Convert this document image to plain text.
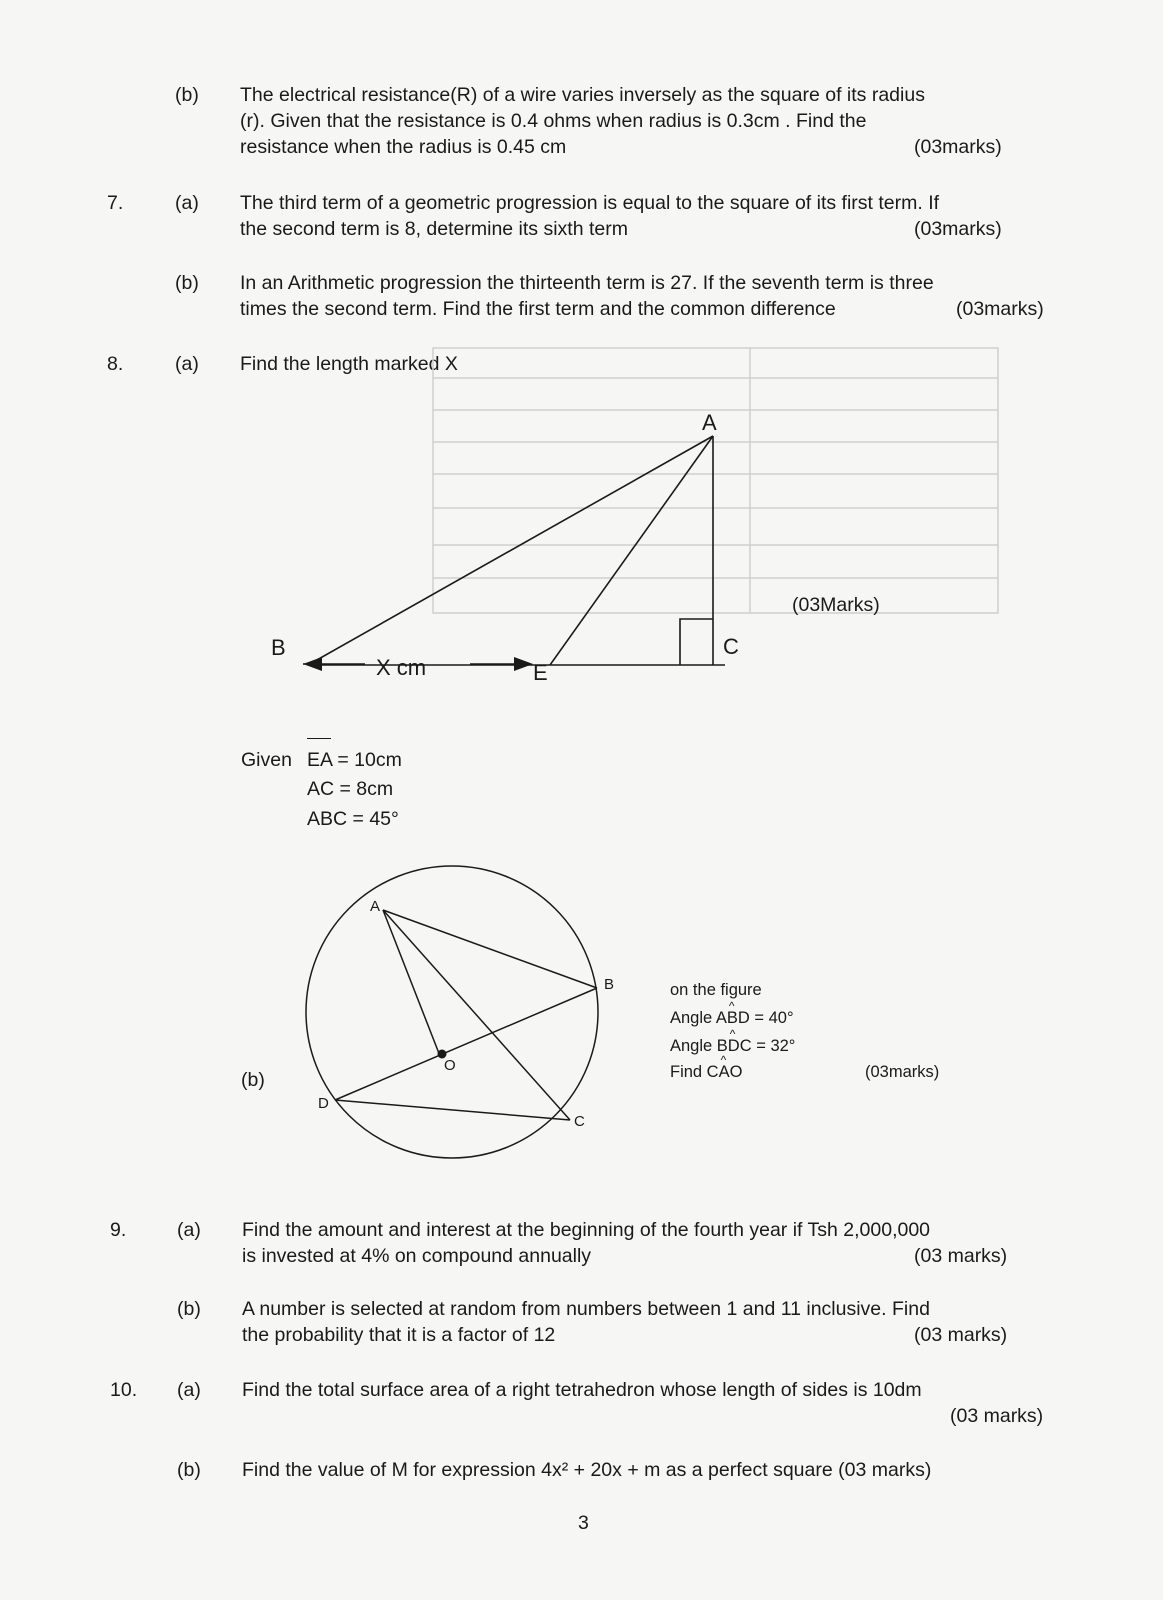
(b) The electrical resistance(R) of a wire varies inversely as the square of its radius
(r). Given that the resistance is 0.4 ohms when radius is 0.3cm . Find the
resistance when the radius is 0.45 cm	(03marks)
7.	(a) The third term of a geometric progression is equal to the square of its first term. If
the second term is 8, determine its sixth term	(03marks)
(b) In an Arithmetic progression the thirteenth term is 27. If the seventh term is three
times the second term. Find the first term and the common difference	(03marks)
8.	(a) Find the length marked X
A
B	C
E
X cm
(03Marks)
Given EA = 10cm
AC = 8cm
ABC = 45°
A
B
C
D
O
(b)
on the figure
Angle A^ BD = 40°
Angle B^ DC = 32°
Find C^ AO	(03marks)
9.	(a) Find the amount and interest at the beginning of the fourth year if Tsh 2,000,000
is invested at 4% on compound annually	(03 marks)
(b) A number is selected at random from numbers between 1 and 11 inclusive. Find
the probability that it is a factor of 12	(03 marks)
10. (a) Find the total surface area of a right tetrahedron whose length of sides is 10dm
(03 marks)
(b) Find the value of M for expression 4x² + 20x + m as a perfect square (03 marks)
3
